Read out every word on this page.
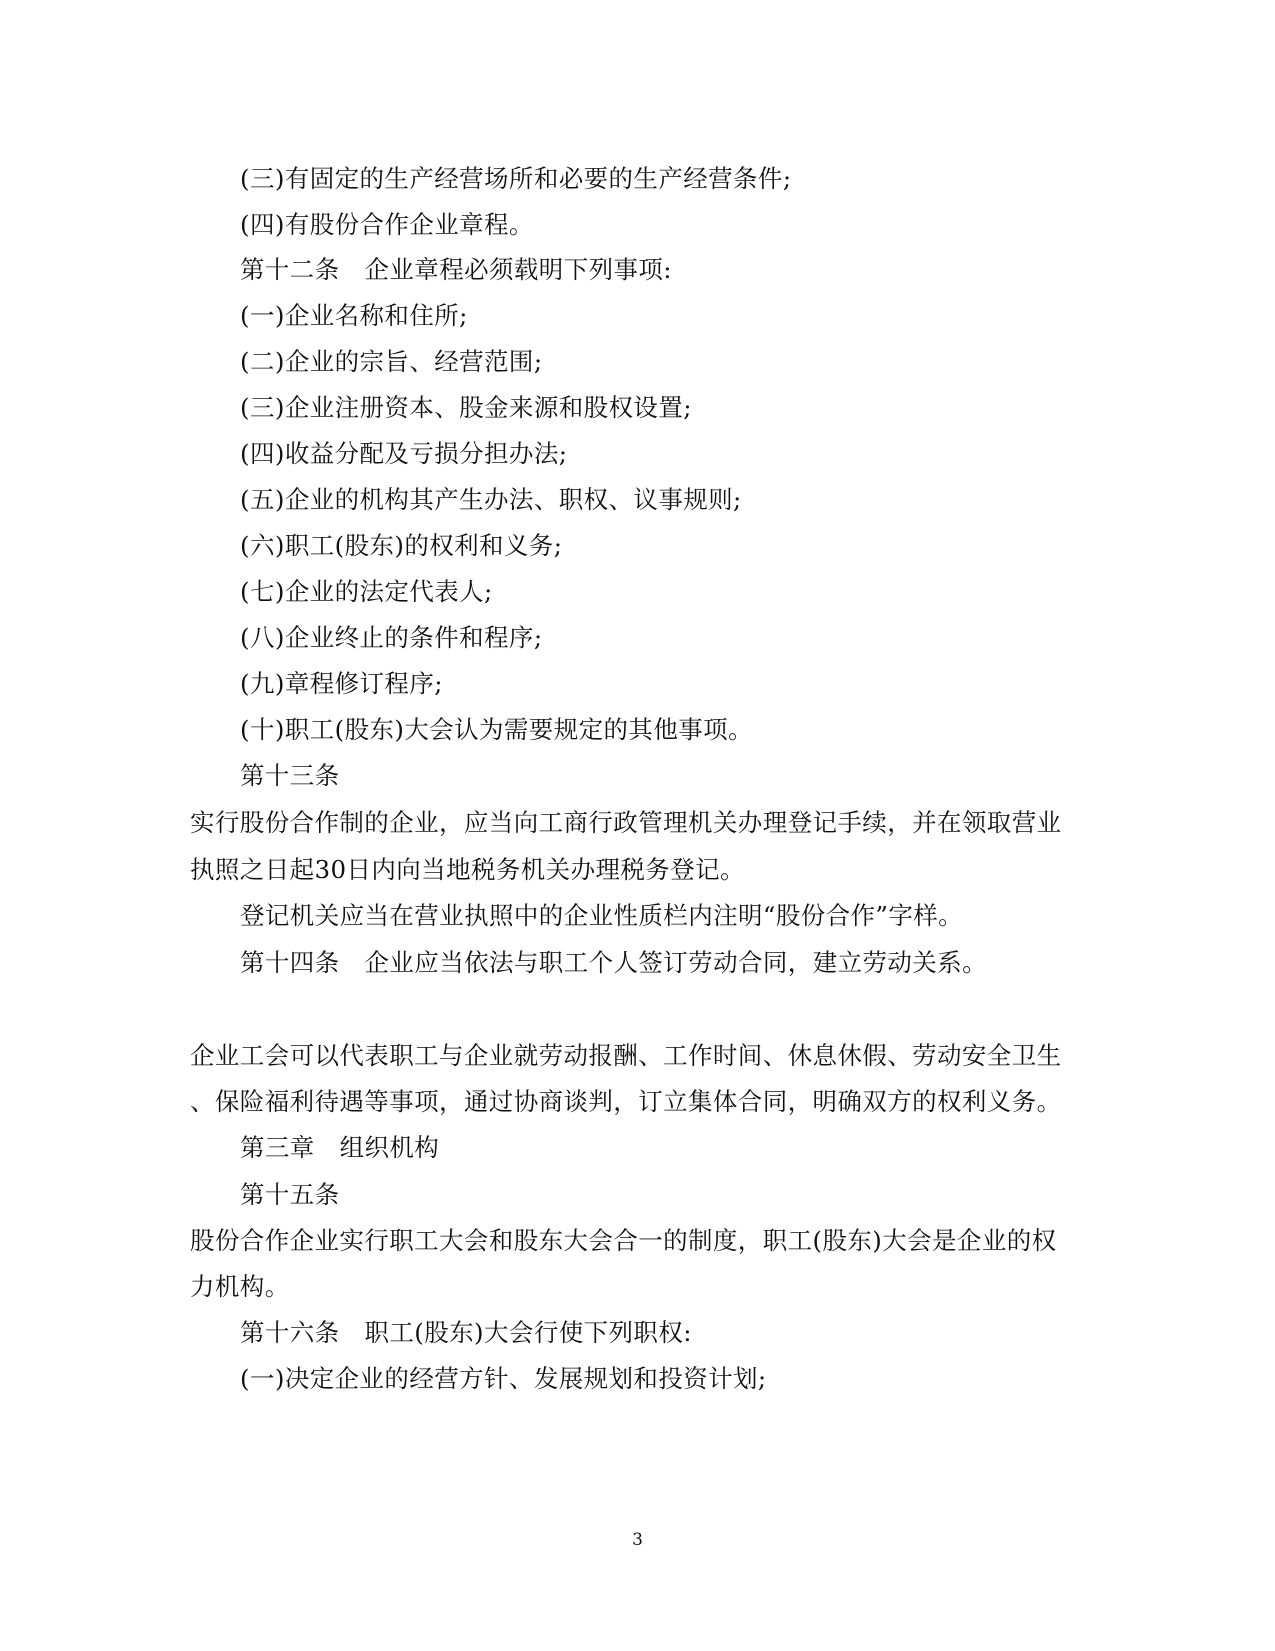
(三)有固定的生产经营场所和必要的生产经营条件;
(四)有股份合作企业章程。
第十二条　企业章程必须载明下列事项:
(一)企业名称和住所;
(二)企业的宗旨、经营范围;
(三)企业注册资本、股金来源和股权设置;
(四)收益分配及亏损分担办法;
(五)企业的机构其产生办法、职权、议事规则;
(六)职工(股东)的权利和义务;
(七)企业的法定代表人;
(八)企业终止的条件和程序;
(九)章程修订程序;
(十)职工(股东)大会认为需要规定的其他事项。
第十三条
实行股份合作制的企业，应当向工商行政管理机关办理登记手续，并在领取营业
执照之日起30日内向当地税务机关办理税务登记。
登记机关应当在营业执照中的企业性质栏内注明“股份合作”字样。
第十四条　企业应当依法与职工个人签订劳动合同，建立劳动关系。
企业工会可以代表职工与企业就劳动报酬、工作时间、休息休假、劳动安全卫生
、保险福利待遇等事项，通过协商谈判，订立集体合同，明确双方的权利义务。
第三章　组织机构
第十五条
股份合作企业实行职工大会和股东大会合一的制度，职工(股东)大会是企业的权
力机构。
第十六条　职工(股东)大会行使下列职权:
(一)决定企业的经营方针、发展规划和投资计划;
3
